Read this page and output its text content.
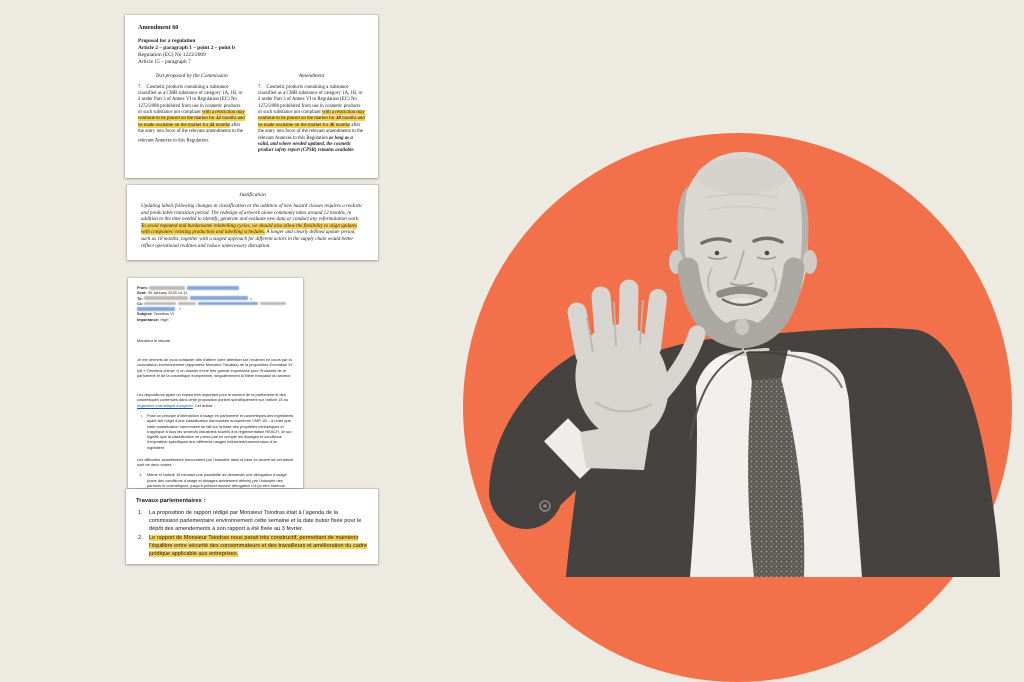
Amendment 60
Proposal for a regulation
Article 2 – paragraph 1 – point 2 – point b
Regulation (EC) No 1223/2009
Article 15 – paragraph 7
Text proposed by the Commission
7.  Cosmetic products containing a substance classified as a CMR substance of category 1A, 1B, or 2 under Part 3 of Annex VI to Regulation (EC) No 1272/2008 prohibited from use in cosmetic products or such substance not compliant with a restriction may continue to be placed on the market for 12 months and be made available on the market for 24 months after the entry into force of the relevant amendments to the relevant Annexes to this Regulation.’
Amendment
7.  Cosmetic products containing a substance classified as a CMR substance of category 1A, 1B, or 2 under Part 3 of Annex VI to Regulation (EC) No 1272/2008 prohibited from use in cosmetic products or such substance not compliant with a restriction may continue to be placed on the market for 18 months and be made available on the market for 36 months after the entry into force of the relevant amendments to the relevant Annexes to this Regulation as long as a valid, and where needed updated, the cosmetic product safety report (CPSR) remains available.
Justification
Updating labels following changes in classification or the addition of new hazard classes requires a realistic and predictable transition period. The redesign of artwork alone commonly takes around 12 months, in addition to the time needed to identify, generate and evaluate new data or conduct any reformulation work. To avoid repeated and burdensome relabelling cycles, we should also allow the flexibility to align updates with companies’ existing production and labelling schedules. A longer and clearly defined update period, such as 18 months, together with a staged approach for different actors in the supply chain would better reflect operational realities and reduce unnecessary disruption.
From:
Sent: 30 January 2025 14:11
To:	>
Cc:
 >
Subject: Omnibus VI
Importance: High

Monsieur le député,

Je me permets de vous contacter afin d’attirer votre attention sur l’examen en cours par la commission environnement (rapporteur Monsieur Tsiodras) de la proposition d’omnibus VI (dit « Omnibus chimie ») un dossier d’une très grande importance pour l’industrie de la parfumerie et de la cosmétique européenne, singulièrement la filière française du secteur.

Les dispositions ayant un impact très important pour le secteur de la parfumerie et des cosmétiques contenues dans cette proposition portent spécifiquement sur l’article 15 du règlement cosmétique européen. Cet article :

• Pose un principe d’interdiction d’usage en parfumerie et cosmétiques des ingrédients ayant fait l’objet d’une classification harmonisée européenne CMR 1B – à noter que cette classification harmonisée se fait sur la base des propriétés intrinsèques et s’applique à tous les secteurs industriels soumis à la réglementation REACH, ce qui signifie que la classification ne prend pas en compte les dosages et conditions d’exposition spécifiques aux différents usages industriels/commerciaux d’un ingrédient

Les difficultés actuellement rencontrées par l’industrie dans la mise en œuvre de cet article sont de deux ordres :

1. Même si l’article 15 introduit une possibilité de demander une dérogation d’usage (dans des conditions d’usage et dosages strictement définis) par l’industrie des parfums et cosmétiques, jusqu’à présent aucune dérogation n’a pu être obtenue.
Travaux parlementaires :
1. La proposition de rapport rédigé par Monsieur Tsiodras était à l’agenda de la commission parlementaire environnement cette semaine et la date butoir fixée pour le dépôt des amendements à son rapport a été fixée au 3 février.
2. Le rapport de Monsieur Tsiodras nous parait très constructif, permettant de maintenir l’équilibre entre sécurité des consommateurs et des travailleurs et amélioration du cadre juridique applicable aux entreprises.
